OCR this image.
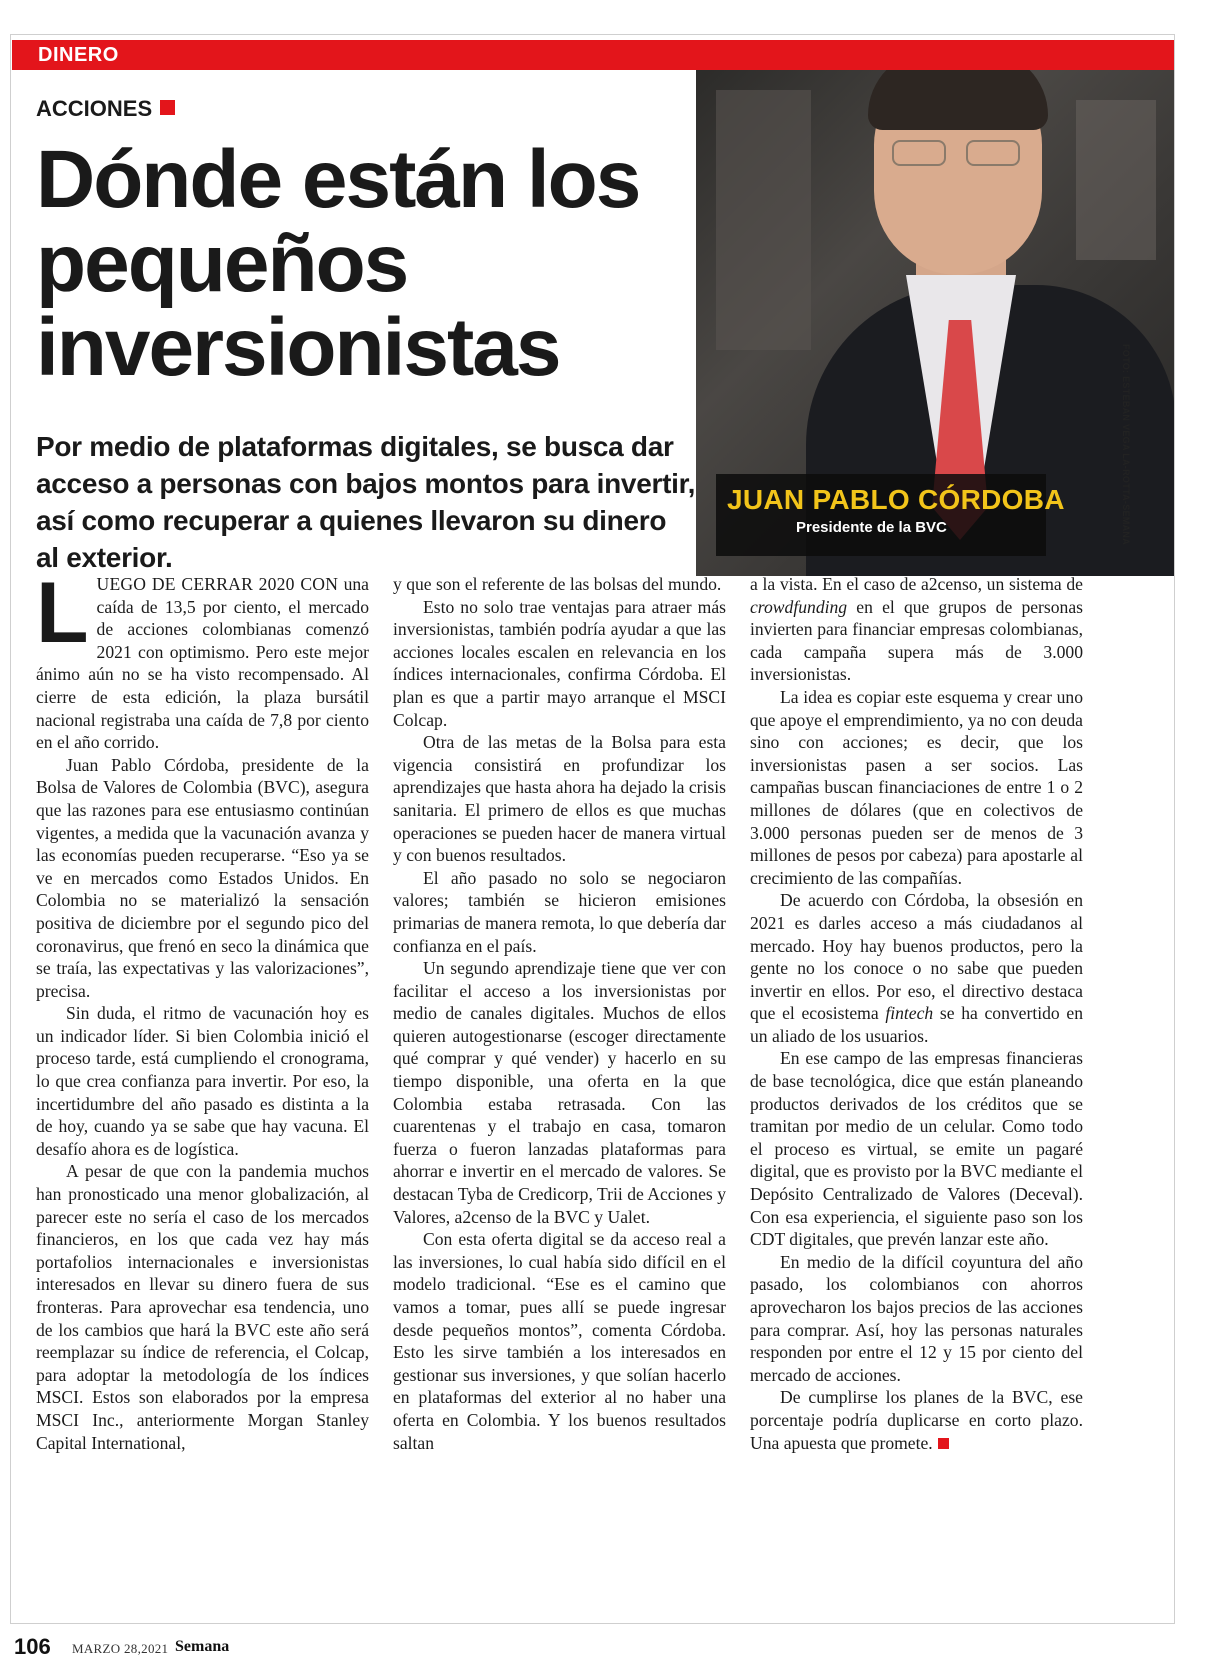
DINERO
ACCIONES
Dónde están los pequeños inversionistas
Por medio de plataformas digitales, se busca dar acceso a personas con bajos montos para invertir, así como recuperar a quienes llevaron su dinero al exterior.
JUAN PABLO CÓRDOBA
Presidente de la BVC	FOTO: ESTEBAN VEGA LA-ROTTA-SEMANA

LUEGO DE CERRAR 2020 CON una caída de 13,5 por ciento, el mercado de acciones colombianas comenzó 2021 con optimismo. Pero este mejor ánimo aún no se ha visto recompensado. Al cierre de esta edición, la plaza bursátil nacional registraba una caída de 7,8 por ciento en el año corrido.

Juan Pablo Córdoba, presidente de la Bolsa de Valores de Colombia (BVC), asegura que las razones para ese entusiasmo continúan vigentes, a medida que la vacunación avanza y las economías pueden recuperarse. “Eso ya se ve en mercados como Estados Unidos. En Colombia no se materializó la sensación positiva de diciembre por el segundo pico del coronavirus, que frenó en seco la dinámica que se traía, las expectativas y las valorizaciones”, precisa.

Sin duda, el ritmo de vacunación hoy es un indicador líder. Si bien Colombia inició el proceso tarde, está cumpliendo el cronograma, lo que crea confianza para invertir. Por eso, la incertidumbre del año pasado es distinta a la de hoy, cuando ya se sabe que hay vacuna. El desafío ahora es de logística.

A pesar de que con la pandemia muchos han pronosticado una menor globalización, al parecer este no sería el caso de los mercados financieros, en los que cada vez hay más portafolios internacionales e inversionistas interesados en llevar su dinero fuera de sus fronteras. Para aprovechar esa tendencia, uno de los cambios que hará la BVC este año será reemplazar su índice de referencia, el Colcap, para adoptar la metodología de los índices MSCI. Estos son elaborados por la empresa MSCI Inc., anteriormente Morgan Stanley Capital International,

y que son el referente de las bolsas del mundo.

Esto no solo trae ventajas para atraer más inversionistas, también podría ayudar a que las acciones locales escalen en relevancia en los índices internacionales, confirma Córdoba. El plan es que a partir mayo arranque el MSCI Colcap.

Otra de las metas de la Bolsa para esta vigencia consistirá en profundizar los aprendizajes que hasta ahora ha dejado la crisis sanitaria. El primero de ellos es que muchas operaciones se pueden hacer de manera virtual y con buenos resultados.

El año pasado no solo se negociaron valores; también se hicieron emisiones primarias de manera remota, lo que debería dar confianza en el país.

Un segundo aprendizaje tiene que ver con facilitar el acceso a los inversionistas por medio de canales digitales. Muchos de ellos quieren autogestionarse (escoger directamente qué comprar y qué vender) y hacerlo en su tiempo disponible, una oferta en la que Colombia estaba retrasada. Con las cuarentenas y el trabajo en casa, tomaron fuerza o fueron lanzadas plataformas para ahorrar e invertir en el mercado de valores. Se destacan Tyba de Credicorp, Trii de Acciones y Valores, a2censo de la BVC y Ualet.

Con esta oferta digital se da acceso real a las inversiones, lo cual había sido difícil en el modelo tradicional. “Ese es el camino que vamos a tomar, pues allí se puede ingresar desde pequeños montos”, comenta Córdoba. Esto les sirve también a los interesados en gestionar sus inversiones, y que solían hacerlo en plataformas del exterior al no haber una oferta en Colombia. Y los buenos resultados saltan

a la vista. En el caso de a2censo, un sistema de crowdfunding en el que grupos de personas invierten para financiar empresas colombianas, cada campaña supera más de 3.000 inversionistas.

La idea es copiar este esquema y crear uno que apoye el emprendimiento, ya no con deuda sino con acciones; es decir, que los inversionistas pasen a ser socios. Las campañas buscan financiaciones de entre 1 o 2 millones de dólares (que en colectivos de 3.000 personas pueden ser de menos de 3 millones de pesos por cabeza) para apostarle al crecimiento de las compañías.

De acuerdo con Córdoba, la obsesión en 2021 es darles acceso a más ciudadanos al mercado. Hoy hay buenos productos, pero la gente no los conoce o no sabe que pueden invertir en ellos. Por eso, el directivo destaca que el ecosistema fintech se ha convertido en un aliado de los usuarios.

En ese campo de las empresas financieras de base tecnológica, dice que están planeando productos derivados de los créditos que se tramitan por medio de un celular. Como todo el proceso es virtual, se emite un pagaré digital, que es provisto por la BVC mediante el Depósito Centralizado de Valores (Deceval). Con esa experiencia, el siguiente paso son los CDT digitales, que prevén lanzar este año.

En medio de la difícil coyuntura del año pasado, los colombianos con ahorros aprovecharon los bajos precios de las acciones para comprar. Así, hoy las personas naturales responden por entre el 12 y 15 por ciento del mercado de acciones.

De cumplirse los planes de la BVC, ese porcentaje podría duplicarse en corto plazo. Una apuesta que promete.

106 MARZO 28,2021 Semana
